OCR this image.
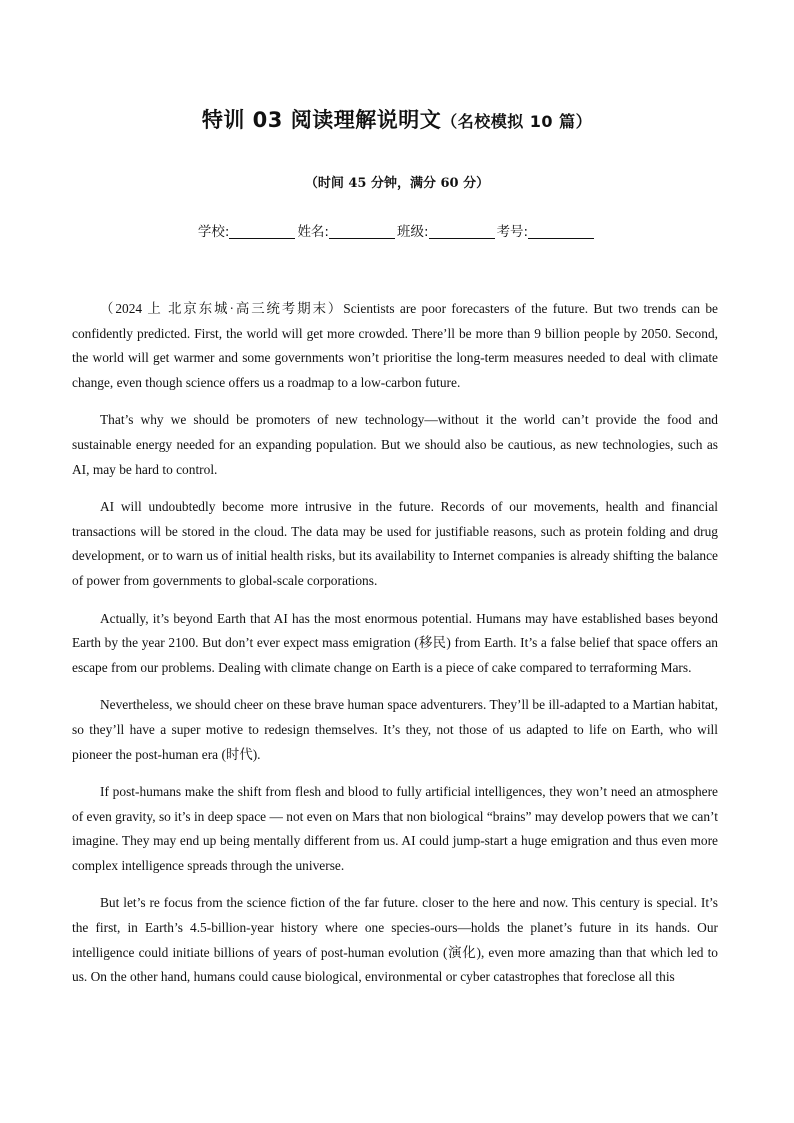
特训 03 阅读理解说明文（名校模拟 10 篇）
（时间 45 分钟，满分 60 分）
学校:	姓名:	班级:	考号:

（2024 上 北京东城·高三统考期末）Scientists are poor forecasters of the future. But two trends can be confidently predicted. First, the world will get more crowded. There’ll be more than 9 billion people by 2050. Second, the world will get warmer and some governments won’t prioritise the long-term measures needed to deal with climate change, even though science offers us a roadmap to a low-carbon future.

That’s why we should be promoters of new technology—without it the world can’t provide the food and sustainable energy needed for an expanding population. But we should also be cautious, as new technologies, such as AI, may be hard to control.

AI will undoubtedly become more intrusive in the future. Records of our movements, health and financial transactions will be stored in the cloud. The data may be used for justifiable reasons, such as protein folding and drug development, or to warn us of initial health risks, but its availability to Internet companies is already shifting the balance of power from governments to global-scale corporations.

Actually, it’s beyond Earth that AI has the most enormous potential. Humans may have established bases beyond Earth by the year 2100. But don’t ever expect mass emigration (移民) from Earth. It’s a false belief that space offers an escape from our problems. Dealing with climate change on Earth is a piece of cake compared to terraforming Mars.

Nevertheless, we should cheer on these brave human space adventurers. They’ll be ill-adapted to a Martian habitat, so they’ll have a super motive to redesign themselves. It’s they, not those of us adapted to life on Earth, who will pioneer the post-human era (时代).

If post-humans make the shift from flesh and blood to fully artificial intelligences, they won’t need an atmosphere of even gravity, so it’s in deep space — not even on Mars that non biological “brains” may develop powers that we can’t imagine. They may end up being mentally different from us. AI could jump-start a huge emigration and thus even more complex intelligence spreads through the universe.

But let’s re focus from the science fiction of the far future. closer to the here and now. This century is special. It’s the first, in Earth’s 4.5-billion-year history where one species-ours—holds the planet’s future in its hands. Our intelligence could initiate billions of years of post-human evolution (演化), even more amazing than that which led to us. On the other hand, humans could cause biological, environmental or cyber catastrophes that foreclose all this
